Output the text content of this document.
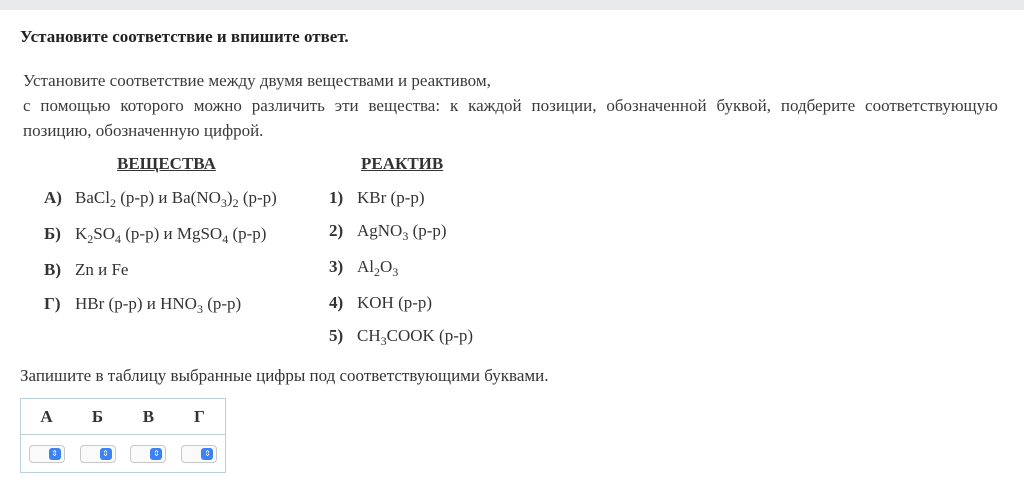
Установите соответствие и впишите ответ.
Установите соответствие между двумя веществами и реактивом,
с помощью которого можно различить эти вещества: к каждой позиции, обозначенной буквой, подберите соответствующую
позицию, обозначенную цифрой.
ВЕЩЕСТВА	РЕАКТИВ
А) BaCl$_2$ (р-р) и $Ba(NO_3)_2$ (р-р)
Б) $K_2SO_4$ (р-р) и MgSO$_4$ (р-р)
В) Zn и Fe
Г) HBr (р-р) и $HNO_3$ (р-р)
1) KBr (р-р)
2) AgNO$_3$ (р-р)
3) $Al_2O_3$
4) KOH (р-р)
5) $CH_3COOK$ (р-р)
Запишите в таблицу выбранные цифры под соответствующими буквами.
А	Б	В	Г

⇕	⇕	⇕	⇕
